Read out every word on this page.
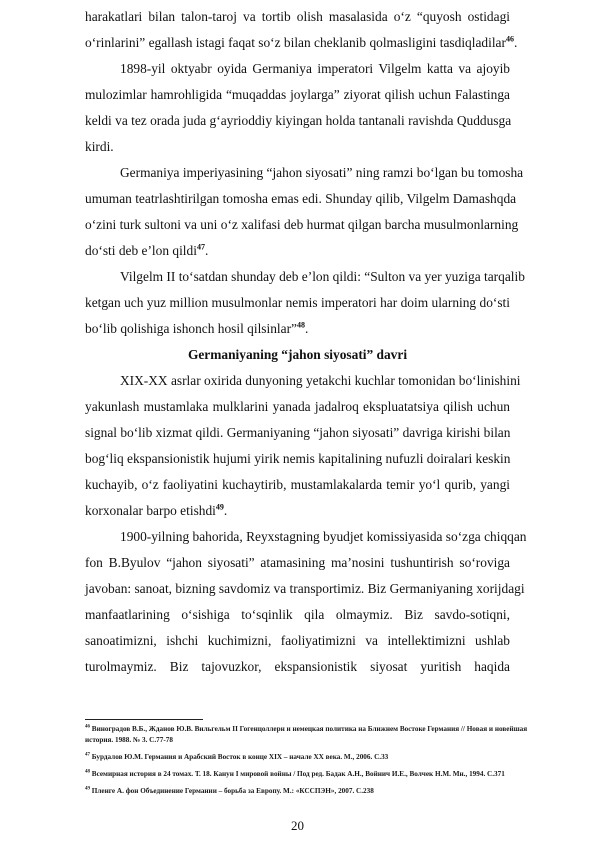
harakatlari bilan talon-taroj va tortib olish masalasida o‘z “quyosh ostidagi
o‘rinlarini” egallash istagi faqat so‘z bilan cheklanib qolmasligini tasdiqladilar$^{46}$.
1898-yil oktyabr oyida Germaniya imperatori Vilgelm katta va ajoyib
mulozimlar hamrohligida “muqaddas joylarga” ziyorat qilish uchun Falastinga
keldi va tez orada juda g‘ayrioddiy kiyingan holda tantanali ravishda Quddusga
kirdi.
Germaniya imperiyasining “jahon siyosati” ning ramzi bo‘lgan bu tomosha
umuman teatrlashtirilgan tomosha emas edi. Shunday qilib, Vilgelm Damashqda
o‘zini turk sultoni va uni o‘z xalifasi deb hurmat qilgan barcha musulmonlarning
do‘sti deb e’lon qildi$^{47}$.
Vilgelm II to‘satdan shunday deb e’lon qildi: “Sulton va yer yuziga tarqalib
ketgan uch yuz million musulmonlar nemis imperatori har doim ularning do‘sti
bo‘lib qolishiga ishonch hosil qilsinlar”$^{48}$.
Germaniyaning “jahon siyosati” davri
XIX-XX asrlar oxirida dunyoning yetakchi kuchlar tomonidan bo‘linishini
yakunlash mustamlaka mulklarini yanada jadalroq ekspluatatsiya qilish uchun
signal bo‘lib xizmat qildi. Germaniyaning “jahon siyosati” davriga kirishi bilan
bog‘liq ekspansionistik hujumi yirik nemis kapitalining nufuzli doiralari keskin
kuchayib, o‘z faoliyatini kuchaytirib, mustamlakalarda temir yo‘l qurib, yangi
korxonalar barpo etishdi$^{49}$.
1900-yilning bahorida, Reyxstagning byudjet komissiyasida so‘zga chiqqan
fon B.Byulov “jahon siyosati” atamasining ma’nosini tushuntirish so‘roviga
javoban: sanoat, bizning savdomiz va transportimiz. Biz Germaniyaning xorijdagi
manfaatlarining o‘sishiga to‘sqinlik qila olmaymiz. Biz savdo-sotiqni,
sanoatimizni, ishchi kuchimizni, faoliyatimizni va intellektimizni ushlab
turolmaymiz. Biz tajovuzkor, ekspansionistik siyosat yuritish haqida
$^{46}$ Виноградов В.Б., Жданов Ю.В. Вильгельм II Гогенцоллерн и немецкая политика на Ближнем Востоке Германия // Новая и новейшая
история. 1988. № 3. С.77-78
$^{47}$ Бурдалов Ю.М. Германия и Арабский Восток в конце XIX – начале XX века. М., 2006. С.33
$^{48}$ Всемирная история в 24 томах. Т. 18. Канун I мировой войны / Под ред. Бадак А.Н., Войнич И.Е., Волчек Н.М. Мн., 1994. С.371
$^{49}$ Пленге А. фон Объединение Германии – борьба за Европу. М.: «КССПЭН», 2007. С.238
20
